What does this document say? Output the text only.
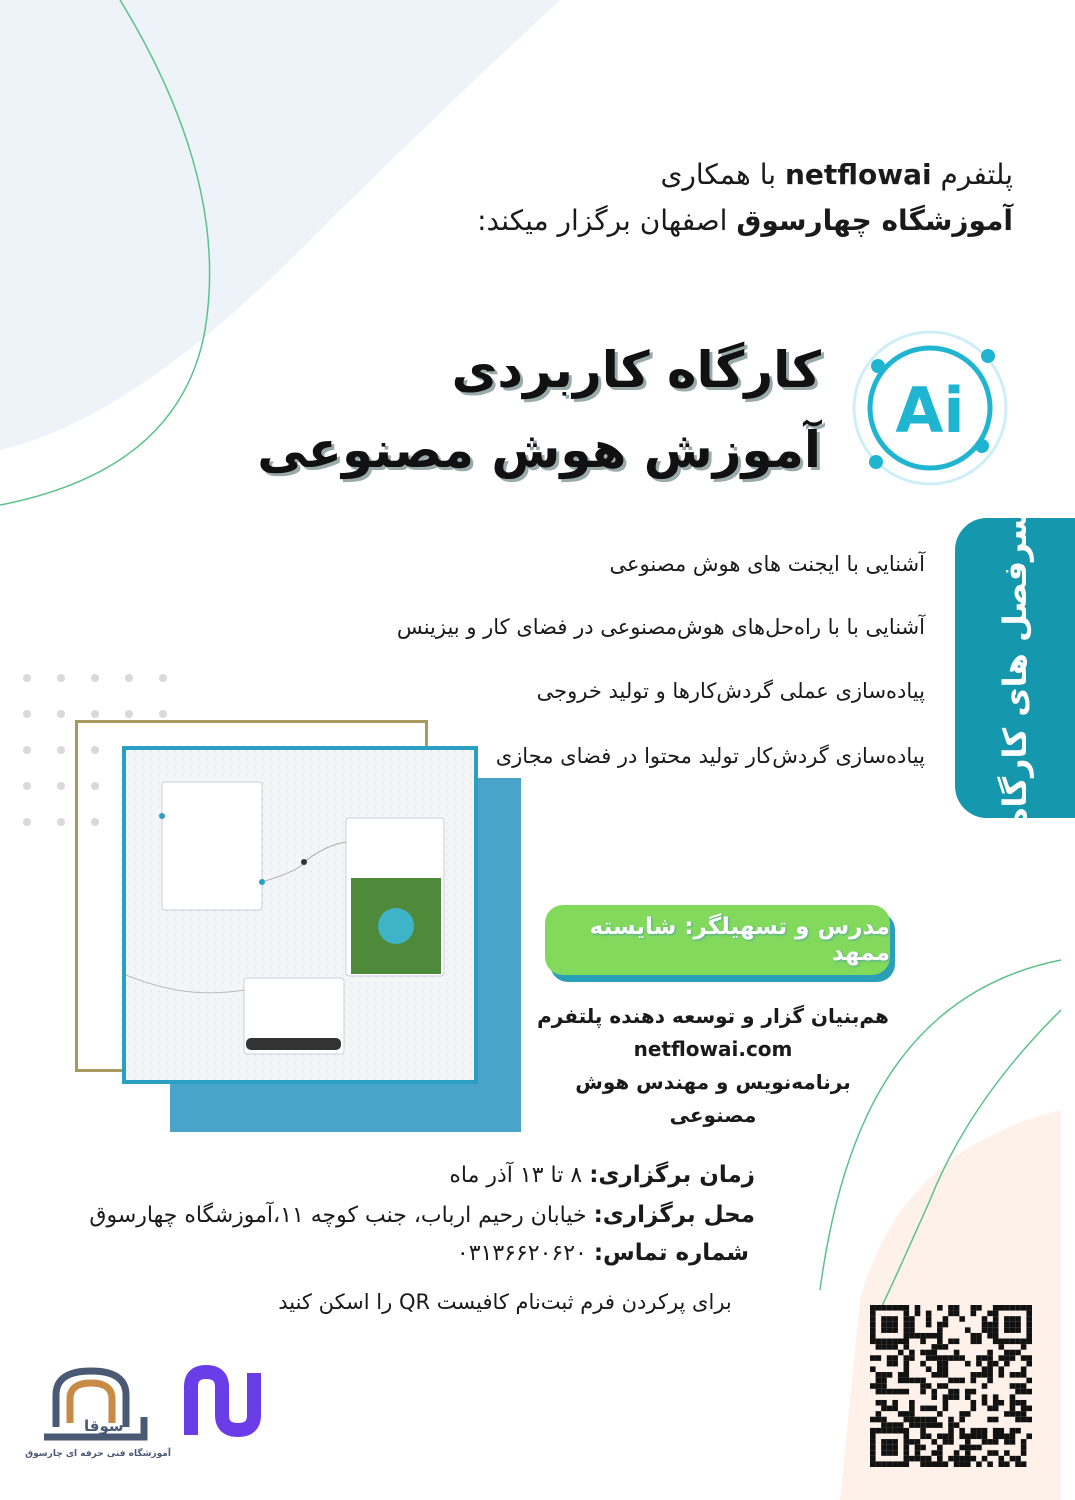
پلتفرم netflowai با همکاری
آموزشگاه چهارسوق اصفهان برگزار میکند:
کارگاه کاربردی
آموزش هوش مصنوعی
Ai
سرفصل های کارگاه
آشنایی با ایجنت های هوش مصنوعی
آشنایی با با راه‌حل‌های هوش‌مصنوعی در فضای کار و بیزینس
پیاده‌سازی عملی گردش‌کارها و تولید خروجی
پیاده‌سازی گردش‌کار تولید محتوا در فضای مجازی
مدرس و تسهیلگر: شایسته ممهد
هم‌بنیان گزار و توسعه دهنده پلتفرم
netflowai.com
برنامه‌نویس و مهندس هوش مصنوعی
زمان برگزاری: ۸ تا ۱۳ آذر ماه
محل برگزاری: خیابان رحیم ارباب، جنب کوچه ۱۱،آموزشگاه چهارسوق
شماره تماس: ۰۳۱۳۶۶۲۰۶۲۰
برای پرکردن فرم ثبت‌نام کافیست QR را اسکن کنید
سوقا
آموزشگاه فنی حرفه ای چارسوق
